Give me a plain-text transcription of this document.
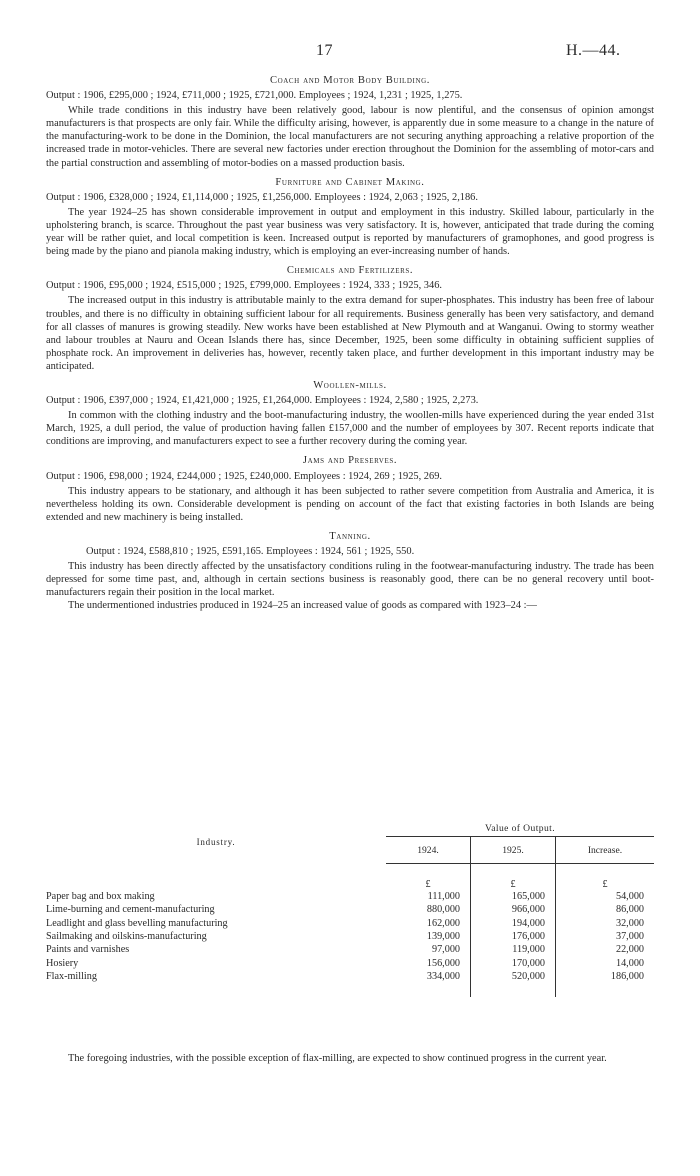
17	H.—44.

Coach and Motor Body Building.

Output : 1906, £295,000 ; 1924, £711,000 ; 1925, £721,000. Employees ; 1924, 1,231 ; 1925, 1,275.

While trade conditions in this industry have been relatively good, labour is now plentiful, and the consensus of opinion amongst manufacturers is that prospects are only fair. While the difficulty arising, however, is apparently due in some measure to a change in the nature of the manufacturing-work to be done in the Dominion, the local manufacturers are not securing anything approaching a relative proportion of the increased trade in motor-vehicles. There are several new factories under erection throughout the Dominion for the assembling of motor-cars and the partial construction and assembling of motor-bodies on a massed production basis.

Furniture and Cabinet Making.

Output : 1906, £328,000 ; 1924, £1,114,000 ; 1925, £1,256,000. Employees : 1924, 2,063 ; 1925, 2,186.

The year 1924–25 has shown considerable improvement in output and employment in this industry. Skilled labour, particularly in the upholstering branch, is scarce. Throughout the past year business was very satisfactory. It is, however, anticipated that trade during the coming year will be rather quiet, and local competition is keen. Increased output is reported by manufacturers of gramophones, and good progress is being made by the piano and pianola making industry, which is employing an ever-increasing number of hands.

Chemicals and Fertilizers.

Output : 1906, £95,000 ; 1924, £515,000 ; 1925, £799,000. Employees : 1924, 333 ; 1925, 346.

The increased output in this industry is attributable mainly to the extra demand for super-phosphates. This industry has been free of labour troubles, and there is no difficulty in obtaining sufficient labour for all requirements. Business generally has been very satisfactory, and demand for all classes of manures is growing steadily. New works have been established at New Plymouth and at Wanganui. Owing to stormy weather and labour troubles at Nauru and Ocean Islands there has, since December, 1925, been some difficulty in obtaining sufficient supplies of phosphate rock. An improvement in deliveries has, however, recently taken place, and further development in this important industry may be anticipated.

Woollen-mills.

Output : 1906, £397,000 ; 1924, £1,421,000 ; 1925, £1,264,000. Employees : 1924, 2,580 ; 1925, 2,273.

In common with the clothing industry and the boot-manufacturing industry, the woollen-mills have experienced during the year ended 31st March, 1925, a dull period, the value of production having fallen £157,000 and the number of employees by 307. Recent reports indicate that conditions are improving, and manufacturers expect to see a further recovery during the coming year.

Jams and Preserves.

Output : 1906, £98,000 ; 1924, £244,000 ; 1925, £240,000. Employees : 1924, 269 ; 1925, 269.

This industry appears to be stationary, and although it has been subjected to rather severe competition from Australia and America, it is nevertheless holding its own. Considerable development is pending on account of the fact that existing factories in both Islands are being extended and new machinery is being installed.

Tanning.

Output : 1924, £588,810 ; 1925, £591,165. Employees : 1924, 561 ; 1925, 550.

This industry has been directly affected by the unsatisfactory conditions ruling in the footwear-manufacturing industry. The trade has been depressed for some time past, and, although in certain sections business is reasonably good, there can be no general recovery until boot-manufacturers regain their position in the local market.

The undermentioned industries produced in 1924–25 an increased value of goods as compared with 1923–24 :—

Industry.	Value of Output.		
	1924.	1925.	Increase.
	£	£	£
Paper bag and box making	111,000	165,000	54,000
Lime-burning and cement-manufacturing	880,000	966,000	86,000
Leadlight and glass bevelling manufacturing	162,000	194,000	32,000
Sailmaking and oilskins-manufacturing	139,000	176,000	37,000
Paints and varnishes	97,000	119,000	22,000
Hosiery	156,000	170,000	14,000
Flax-milling	334,000	520,000	186,000

The foregoing industries, with the possible exception of flax-milling, are expected to show continued progress in the current year.
